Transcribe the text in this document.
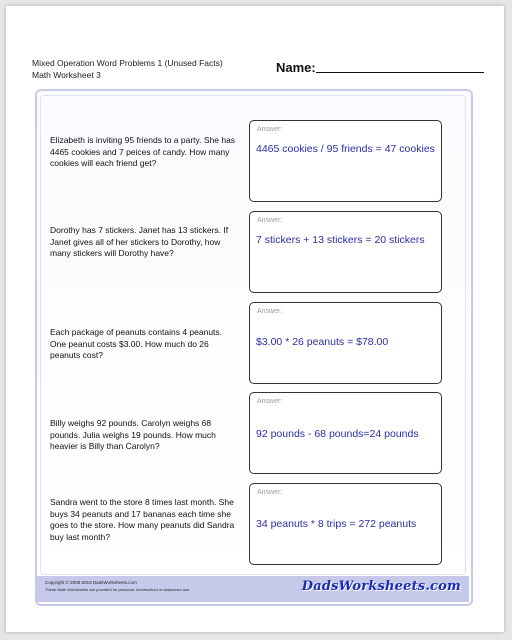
Mixed Operation Word Problems 1 (Unused Facts)
Math Worksheet 3	Name:
Elizabeth is inviting 95 friends to a party. She has 4465 cookies and 7 peices of candy. How many cookies will each friend get?
Answer:
4465 cookies / 95 friends = 47 cookies
Dorothy has 7 stickers. Janet has 13 stickers. If Janet gives all of her stickers to Dorothy, how many stickers will Dorothy have?
Answer:
7 stickers + 13 stickers = 20 stickers
Each package of peanuts contains 4 peanuts. One peanut costs $3.00. How much do 26 peanuts cost?
Answer:
$3.00 * 26 peanuts = $78.00
Billy weighs 92 pounds. Carolyn weighs 68 pounds. Julia weighs 19 pounds. How much heavier is Billy than Carolyn?
Answer:
92 pounds - 68 pounds=24 pounds
Sandra went to the store 8 times last month. She buys 34 peanuts and 17 bananas each time she goes to the store. How many peanuts did Sandra buy last month?
Answer:
34 peanuts * 8 trips = 272 peanuts
Copyright © 2008-2019 DadsWorksheets.com
These Math Worksheets are provided for personal, homeschool or classroom use.	DadsWorksheets.com
